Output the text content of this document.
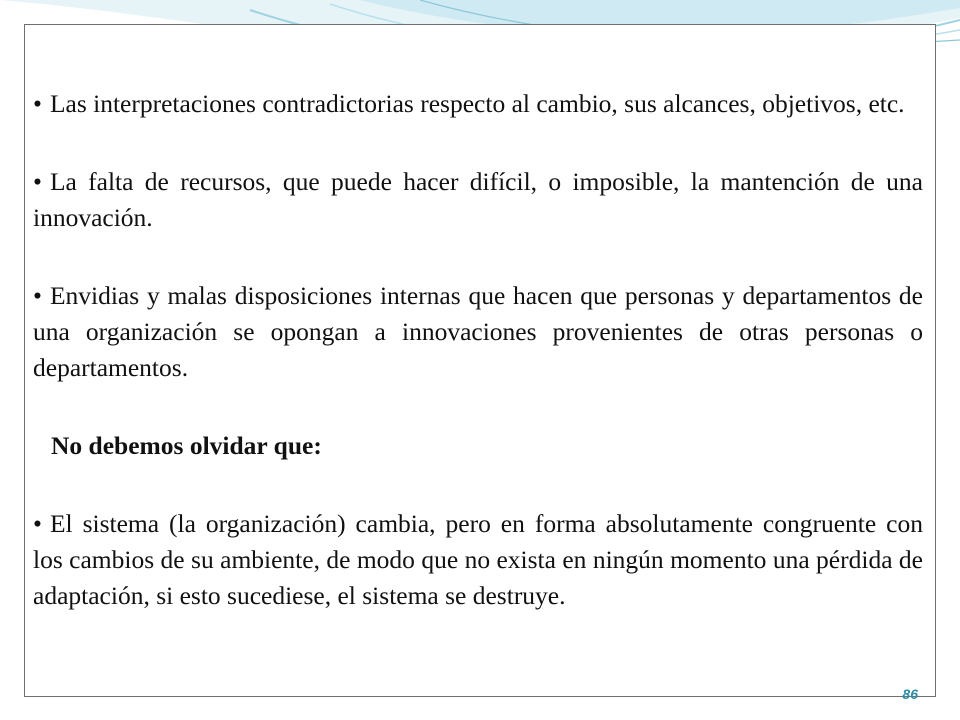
• Las interpretaciones contradictorias respecto al cambio, sus alcances, objetivos, etc.

• La falta de recursos, que puede hacer difícil, o imposible, la mantención de una innovación.

• Envidias y malas disposiciones internas que hacen que personas y departamentos de una organización se opongan a innovaciones provenientes de otras personas o departamentos.

No debemos olvidar que:

• El sistema (la organización) cambia, pero en forma absolutamente congruente con los cambios de su ambiente, de modo que no exista en ningún momento una pérdida de adaptación, si esto sucediese, el sistema se destruye.

86
